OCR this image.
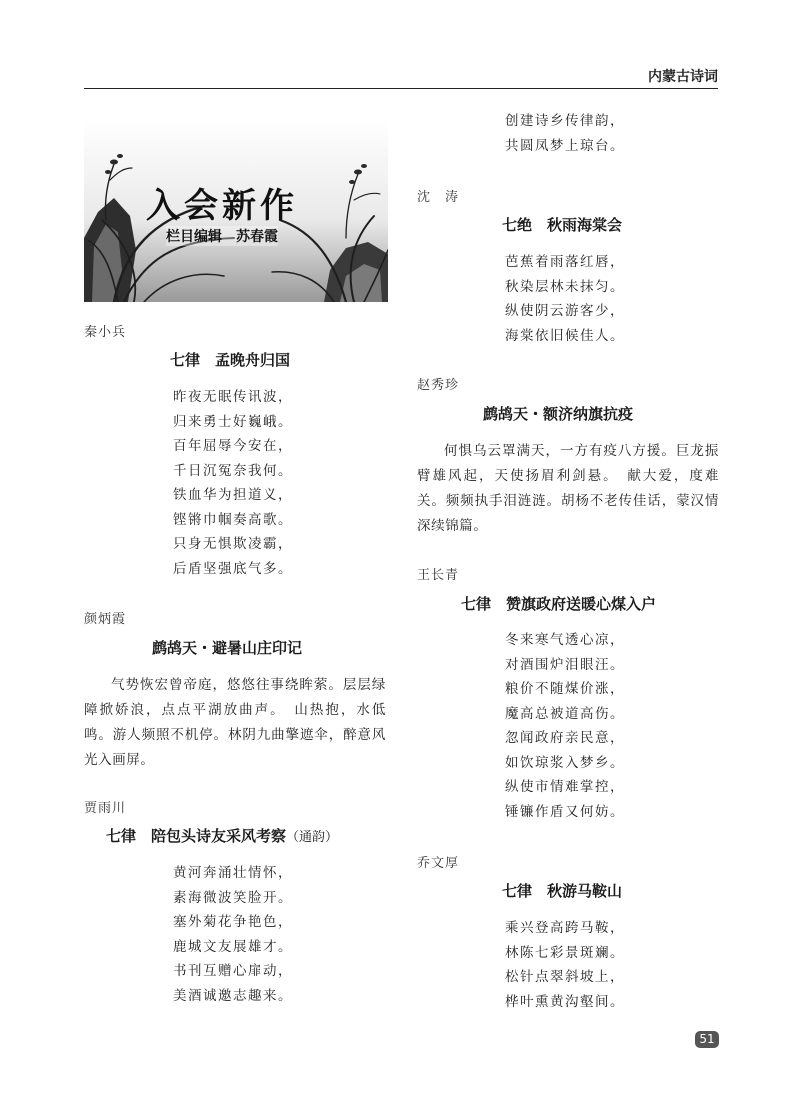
内蒙古诗词
入会新作
栏目编辑　苏春霞
秦小兵
七律　孟晚舟归国
昨夜无眠传讯波，
归来勇士好巍峨。
百年屈辱今安在，
千日沉冤奈我何。
铁血华为担道义，
铿锵巾帼奏高歌。
只身无惧欺凌霸，
后盾坚强底气多。
颜炳霞
鹧鸪天・避暑山庄印记

气势恢宏曾帝庭，悠悠往事绕眸萦。层层绿障掀娇浪，点点平湖放曲声。　山热抱，水低鸣。游人频照不机停。林阴九曲擎遮伞，醉意风光入画屏。

贾雨川
七律　陪包头诗友采风考察（通韵）
黄河奔涌壮情怀，
素海微波笑脸开。
塞外菊花争艳色，
鹿城文友展雄才。
书刊互赠心扉动，
美酒诚邀志趣来。
创建诗乡传律韵，
共圆凤梦上琼台。
沈　涛
七绝　秋雨海棠会
芭蕉着雨落红唇，
秋染层林未抹匀。
纵使阴云游客少，
海棠依旧候佳人。
赵秀珍
鹧鸪天・额济纳旗抗疫

何惧乌云罩满天，一方有疫八方援。巨龙振臂雄风起，天使扬眉利剑悬。　献大爱，度难关。频频执手泪涟涟。胡杨不老传佳话，蒙汉情深续锦篇。

王长青
七律　赞旗政府送暖心煤入户
冬来寒气透心凉，
对酒围炉泪眼汪。
粮价不随煤价涨，
魔高总被道高伤。
忽闻政府亲民意，
如饮琼浆入梦乡。
纵使市情难掌控，
锤镰作盾又何妨。
乔文厚
七律　秋游马鞍山
乘兴登高跨马鞍，
林陈七彩景斑斓。
松针点翠斜坡上，
桦叶熏黄沟壑间。
51
